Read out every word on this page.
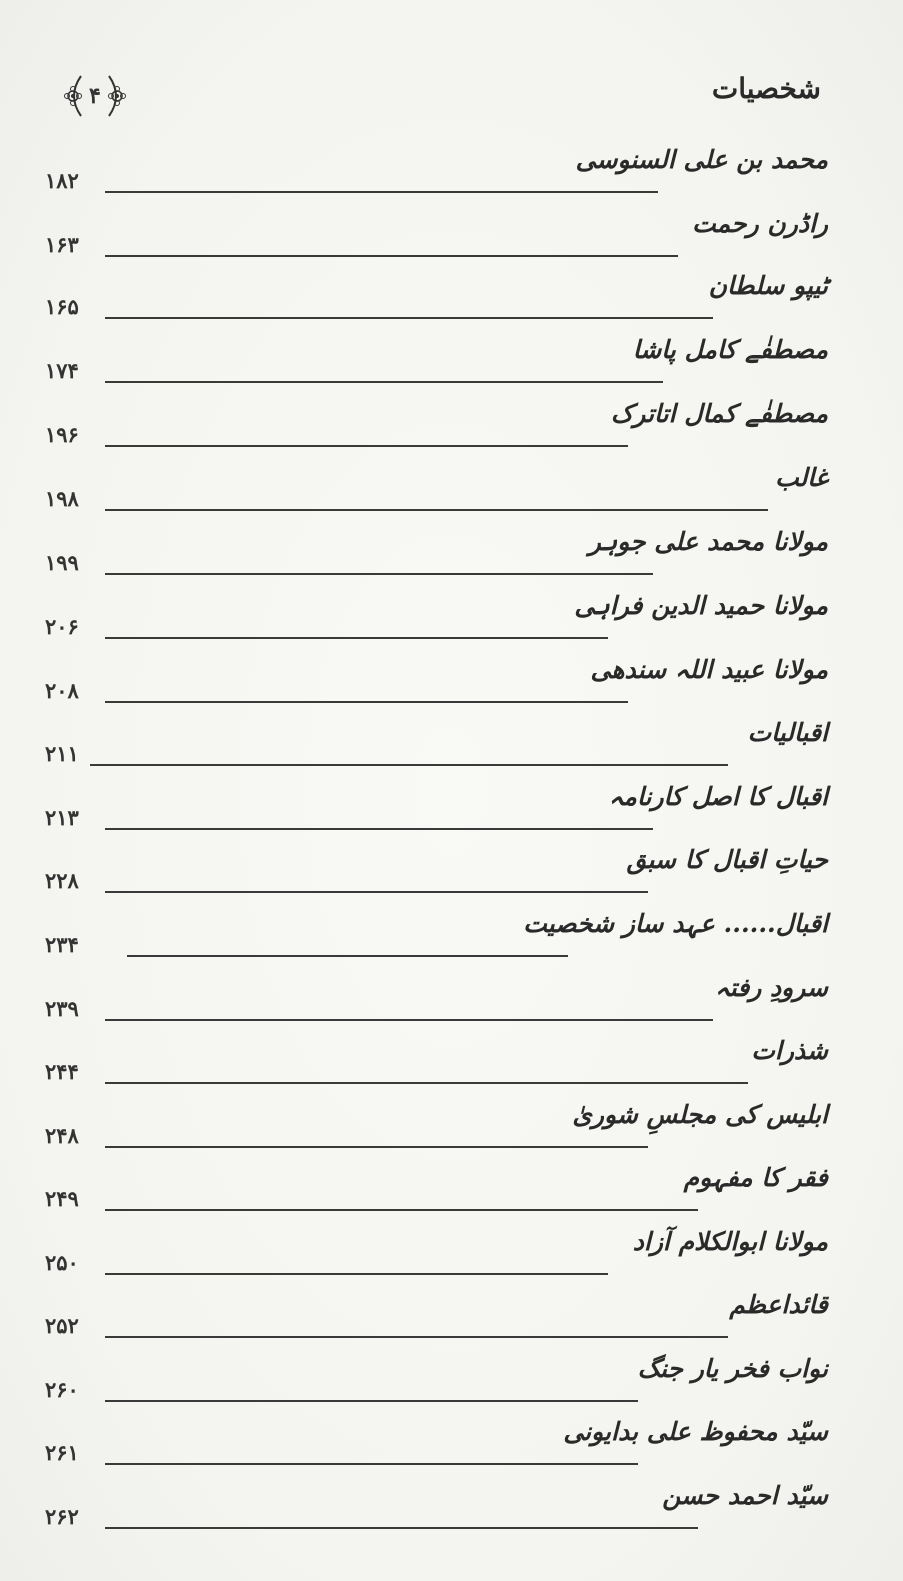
۴	شخصیات
۱۸۲
محمد بن علی السنوسی
۱۶۳
راڈرن رحمت
۱۶۵
ٹیپو سلطان
۱۷۴
مصطفٰے کامل پاشا
۱۹۶
مصطفٰے کمال اتاترک
۱۹۸
غالب
۱۹۹
مولانا محمد علی جوہر
۲۰۶
مولانا حمید الدین فراہی
۲۰۸
مولانا عبید اللہ سندھی
۲۱۱
اقبالیات
۲۱۳
اقبال کا اصل کارنامہ
۲۲۸
حیاتِ اقبال کا سبق
۲۳۴
اقبال...... عہد ساز شخصیت
۲۳۹
سرودِ رفتہ
۲۴۴
شذرات
۲۴۸
ابلیس کی مجلسِ شوریٰ
۲۴۹
فقر کا مفہوم
۲۵۰
مولانا ابوالکلام آزاد
۲۵۲
قائداعظم
۲۶۰
نواب فخر یار جنگ
۲۶۱
سیّد محفوظ علی بدایونی
۲۶۲
سیّد احمد حسن
